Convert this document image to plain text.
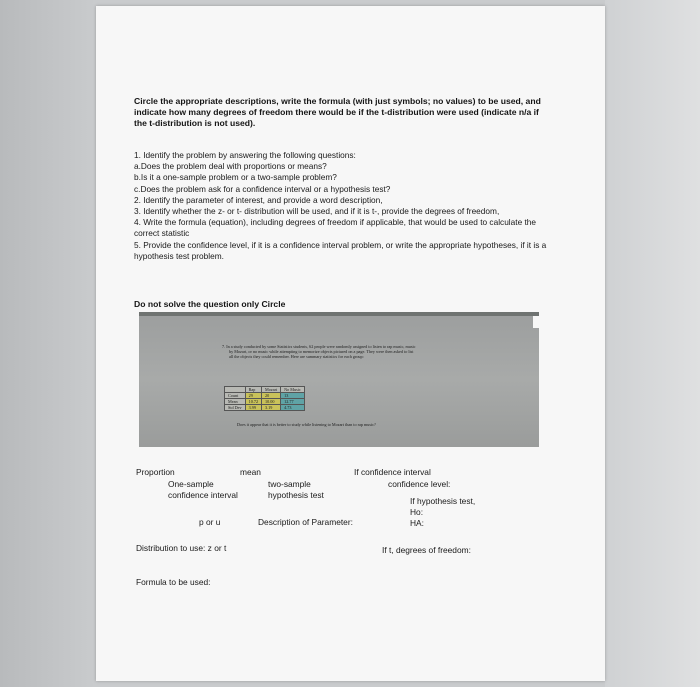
Circle the appropriate descriptions, write the formula (with just symbols; no values) to be used, and indicate how many degrees of freedom there would be if the t-distribution were used (indicate n/a if the t-distribution is not used).
1. Identify the problem by answering the following questions:
a.Does the problem deal with proportions or means?
b.Is it a one-sample problem or a two-sample problem?
c.Does the problem ask for a confidence interval or a hypothesis test?
2. Identify the parameter of interest, and provide a word description,
3. Identify whether the z- or t- distribution will be used, and if it is t-, provide the degrees of freedom,
4. Write the formula (equation), including degrees of freedom if applicable, that would be used to calculate the correct statistic
5. Provide the confidence level, if it is a confidence interval problem, or write the appropriate hypotheses, if it is a hypothesis test problem.
Do not solve the question only Circle
7. In a study conducted by some Statistics students, 62 people were randomly assigned to listen to rap music, music
by Mozart, or no music while attempting to memorize objects pictured on a page. They were then asked to list
all the objects they could remember. Here are summary statistics for each group:
Does it appear that it is better to study while listening to Mozart than to rap music?
	Rap	Mozart	No Music
Count	29	20	13
Mean	10.72	10.00	12.77
Std Dev	3.99	3.19	4.73
Proportion	mean	If confidence interval
One-sample
confidence interval
two-sample
hypothesis test
confidence level:
If hypothesis test,
Ho:
HA:
p or u	Description of Parameter:
Distribution to use: z or t	If t, degrees of freedom:
Formula to be used:
